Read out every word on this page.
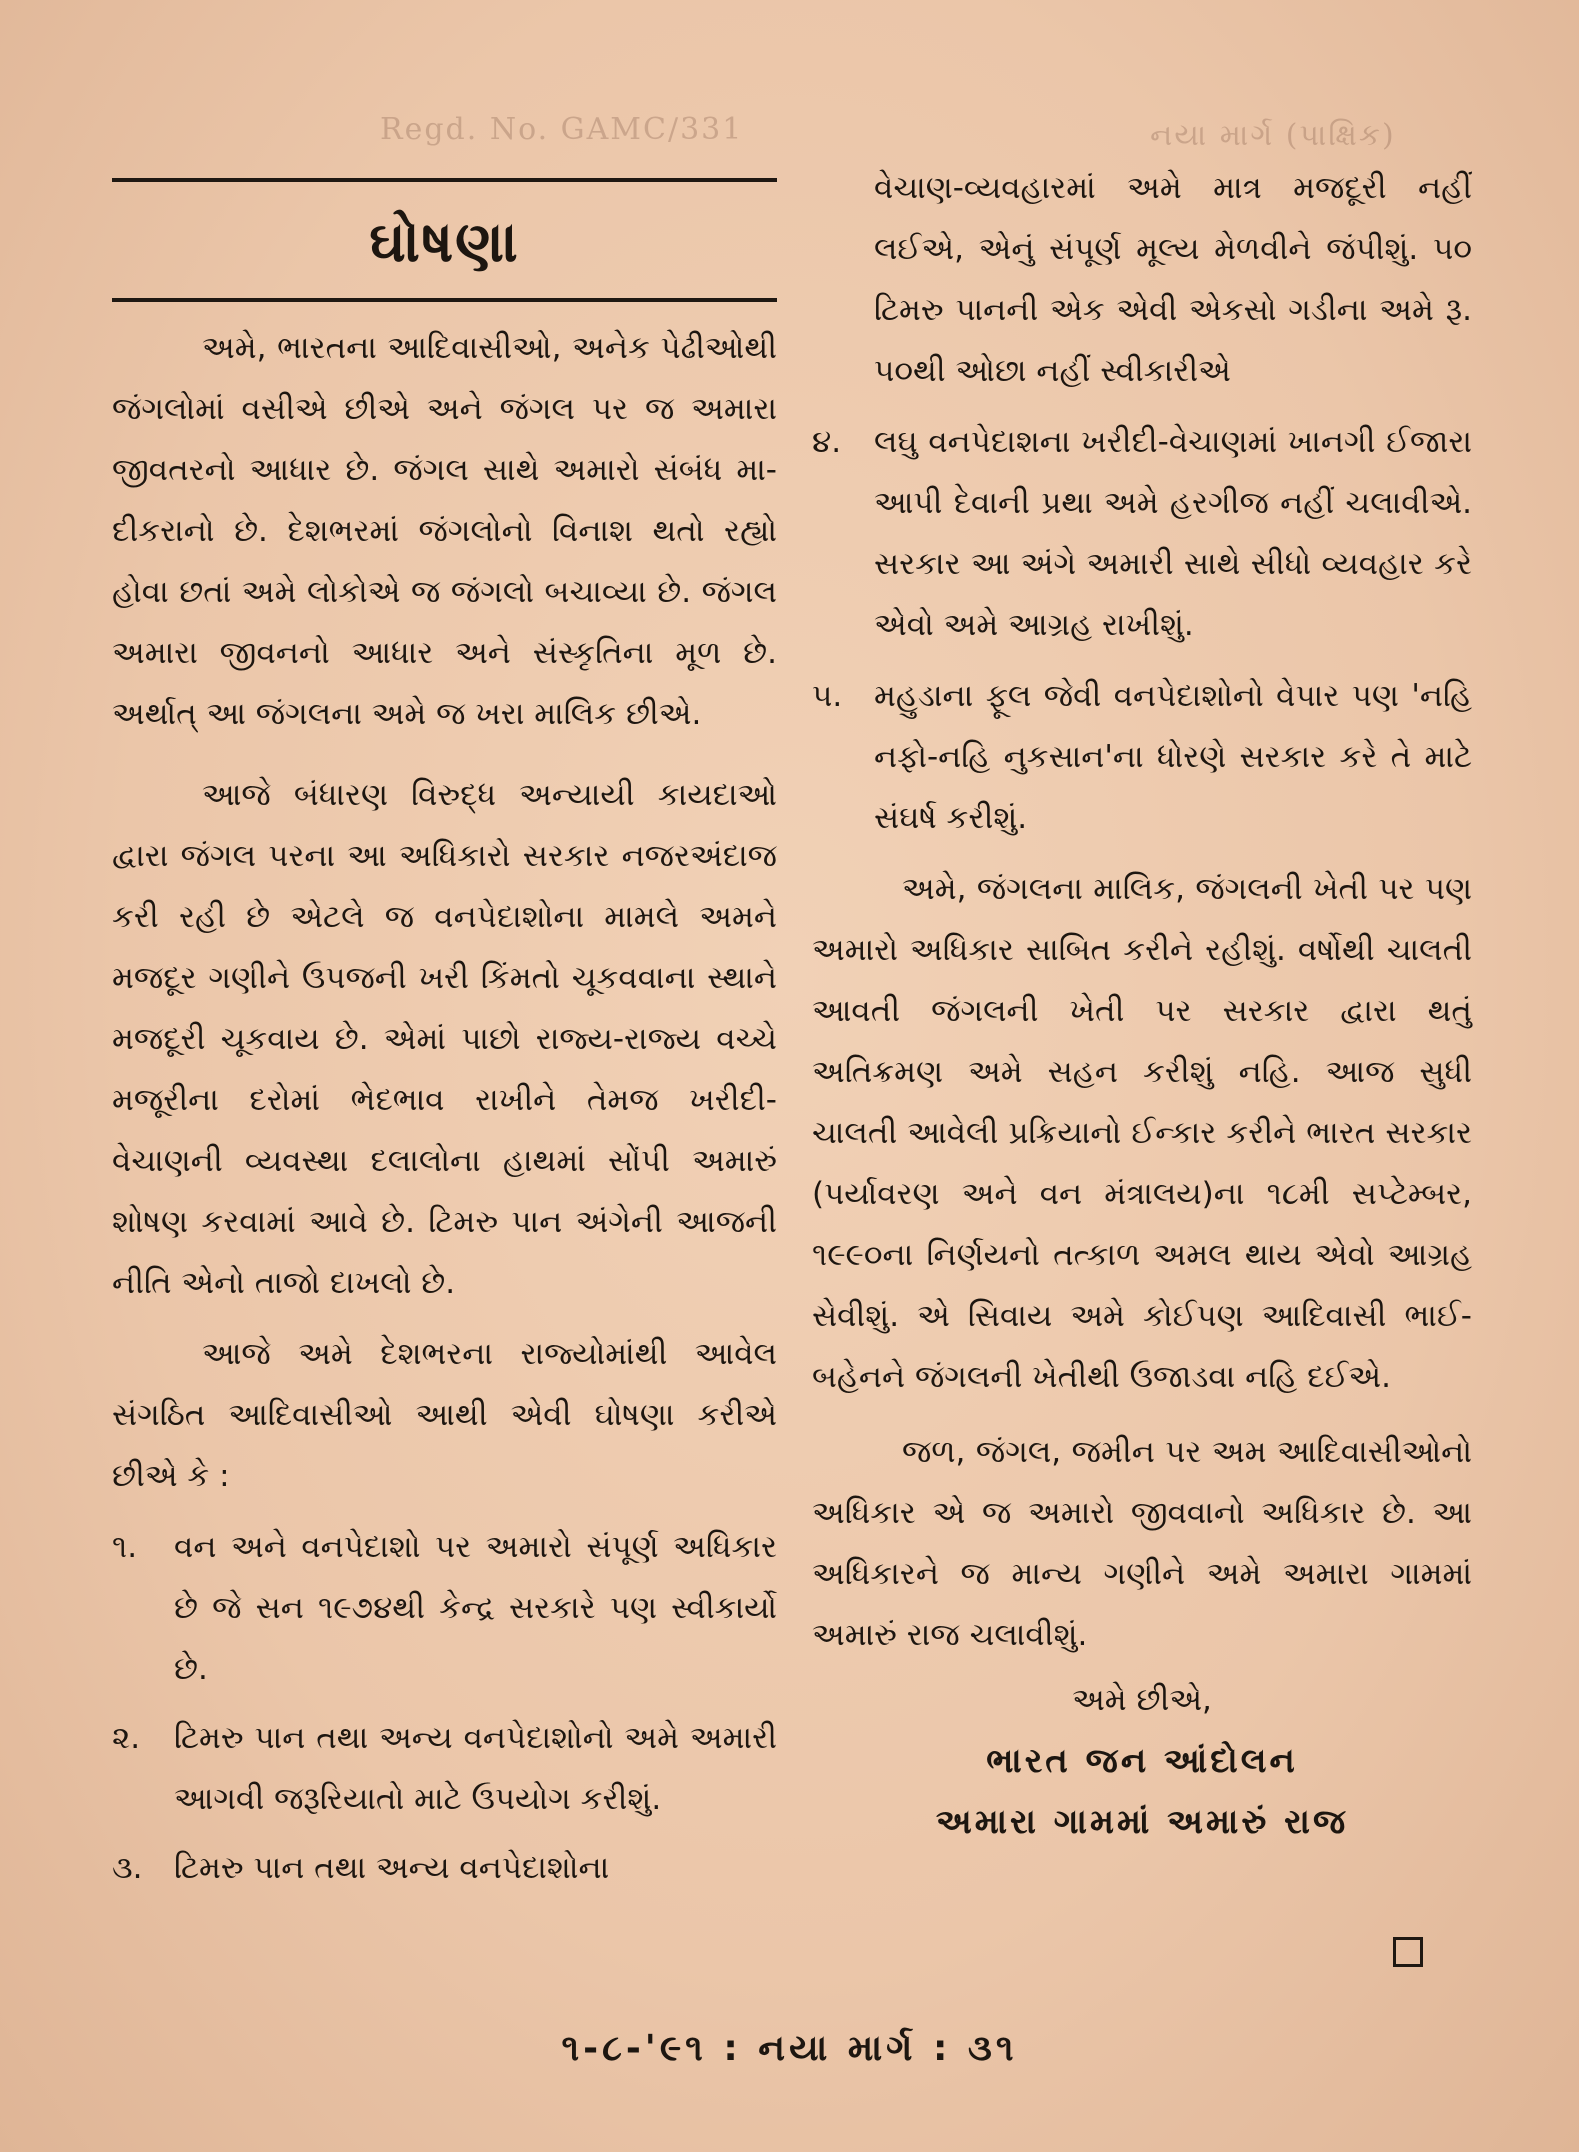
નયા માર્ગ (પાક્ષિક)
Regd. No. GAMC/331
ઘોષણા

અમે, ભારતના આદિવાસીઓ, અનેક પેઢીઓથી જંગલોમાં વસીએ છીએ અને જંગલ પર જ અમારા જીવતરનો આધાર છે. જંગલ સાથે અમારો સંબંધ મા-દીકરાનો છે. દેશભરમાં જંગલોનો વિનાશ થતો રહ્યો હોવા છતાં અમે લોકોએ જ જંગલો બચાવ્યા છે. જંગલ અમારા જીવનનો આધાર અને સંસ્કૃતિના મૂળ છે. અર્થાત્ આ જંગલના અમે જ ખરા માલિક છીએ.

આજે બંધારણ વિરુદ્ધ અન્યાયી કાયદાઓ દ્વારા જંગલ પરના આ અધિકારો સરકાર નજરઅંદાજ કરી રહી છે એટલે જ વનપેદાશોના મામલે અમને મજદૂર ગણીને ઉપજની ખરી કિંમતો ચૂકવવાના સ્થાને મજદૂરી ચૂકવાય છે. એમાં પાછો રાજ્ય-રાજ્ય વચ્ચે મજૂરીના દરોમાં ભેદભાવ રાખીને તેમજ ખરીદી-વેચાણની વ્યવસ્થા દલાલોના હાથમાં સોંપી અમારું શોષણ કરવામાં આવે છે. ટિમરુ પાન અંગેની આજની નીતિ એનો તાજો દાખલો છે.

આજે અમે દેશભરના રાજ્યોમાંથી આવેલ સંગઠિત આદિવાસીઓ આથી એવી ઘોષણા કરીએ છીએ કે :

૧.	વન અને વનપેદાશો પર અમારો સંપૂર્ણ અધિકાર છે જે સન ૧૯૭૪થી કેન્દ્ર સરકારે પણ સ્વીકાર્યો છે.
૨.	ટિમરુ પાન તથા અન્ય વનપેદાશોનો અમે અમારી આગવી જરૂરિયાતો માટે ઉપયોગ કરીશું.
૩.	ટિમરુ પાન તથા અન્ય વનપેદાશોના
વેચાણ-વ્યવહારમાં અમે માત્ર મજદૂરી નહીં લઈએ, એનું સંપૂર્ણ મૂલ્ય મેળવીને જંપીશું. ૫૦ ટિમરુ પાનની એક એવી એકસો ગડીના અમે રૂ. ૫૦થી ઓછા નહીં સ્વીકારીએ
૪.	લઘુ વનપેદાશના ખરીદી-વેચાણમાં ખાનગી ઈજારા આપી દેવાની પ્રથા અમે હરગીજ નહીં ચલાવીએ. સરકાર આ અંગે અમારી સાથે સીધો વ્યવહાર કરે એવો અમે આગ્રહ રાખીશું.
૫.	મહુડાના ફૂલ જેવી વનપેદાશોનો વેપાર પણ 'નહિ નફો-નહિ નુકસાન'ના ધોરણે સરકાર કરે તે માટે સંઘર્ષ કરીશું.

અમે, જંગલના માલિક, જંગલની ખેતી પર પણ અમારો અધિકાર સાબિત કરીને રહીશું. વર્ષોથી ચાલતી આવતી જંગલની ખેતી પર સરકાર દ્વારા થતું અતિક્રમણ અમે સહન કરીશું નહિ. આજ સુધી ચાલતી આવેલી પ્રક્રિયાનો ઈન્કાર કરીને ભારત સરકાર (પર્યાવરણ અને વન મંત્રાલય)ના ૧૮મી સપ્ટેમ્બર, ૧૯૯૦ના નિર્ણયનો તત્કાળ અમલ થાય એવો આગ્રહ સેવીશું. એ સિવાય અમે કોઈપણ આદિવાસી ભાઈ-બહેનને જંગલની ખેતીથી ઉજાડવા નહિ દઈએ.

જળ, જંગલ, જમીન પર અમ આદિવાસીઓનો અધિકાર એ જ અમારો જીવવાનો અધિકાર છે. આ અધિકારને જ માન્ય ગણીને અમે અમારા ગામમાં અમારું રાજ ચલાવીશું.

અમે છીએ,
ભારત જન આંદોલન
અમારા ગામમાં અમારું રાજ
૧-૮-'૯૧ : નયા માર્ગ : ૩૧
